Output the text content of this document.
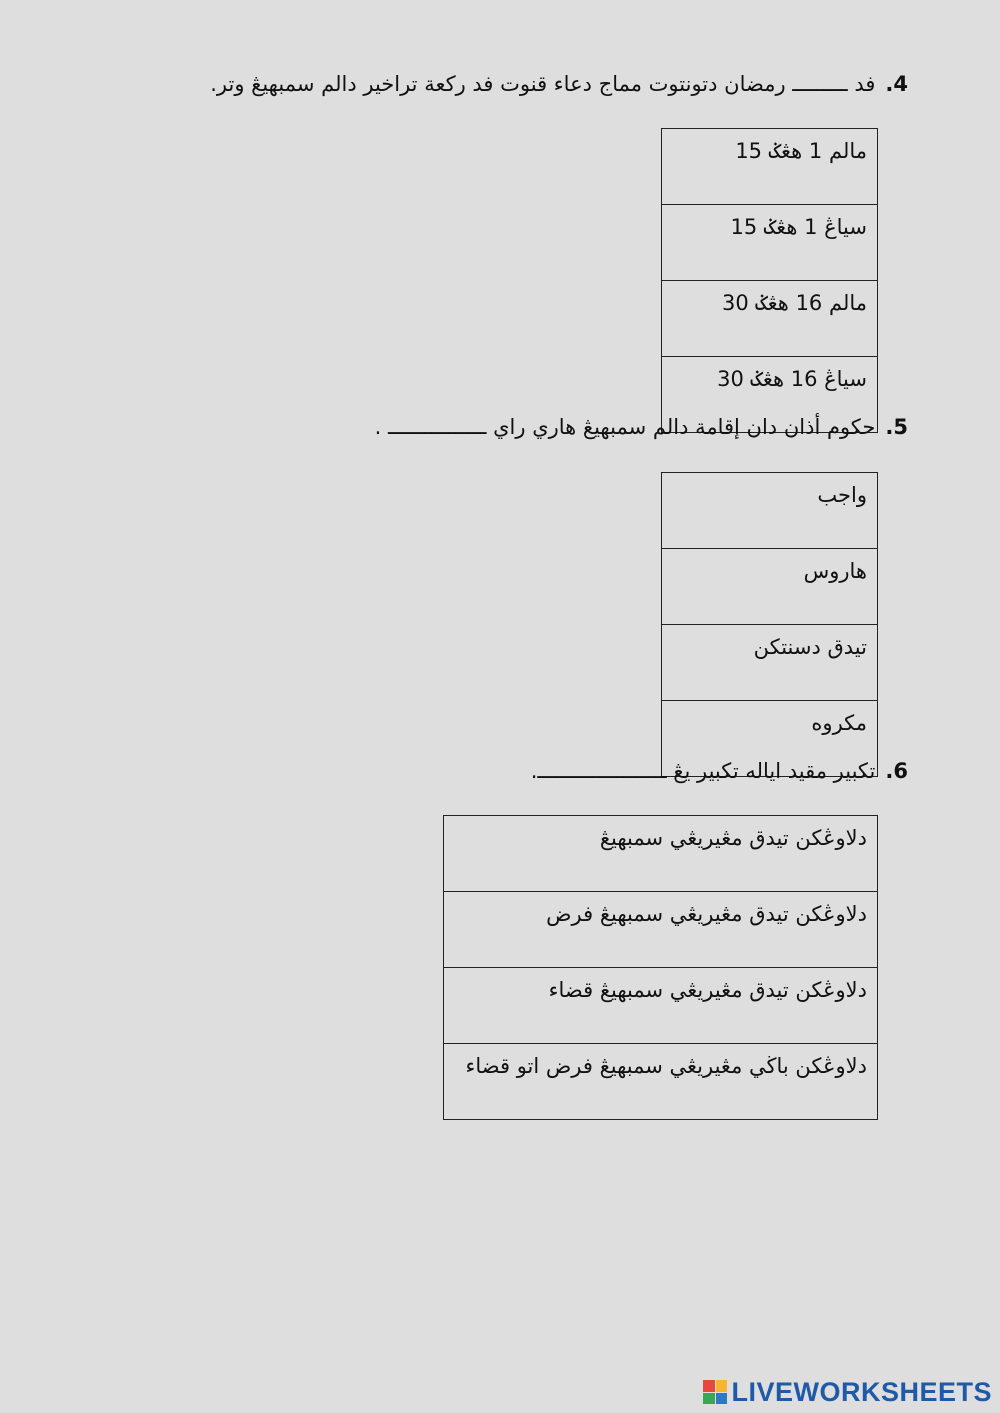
4.فد ـــــــــ رمضان دتونتوت مماج دعاء قنوت فد ركعة تراخير دالم سمبهيڠ وتر.
مالم 1 هڠݢ 15
سياڠ 1 هڠݢ 15
مالم 16 هڠݢ 30
سياڠ 16 هڠݢ 30
5.حكوم أذان دان إقامة دالم سمبهيڠ هاري راي ــــــــــــــــ .
واجب
هاروس
تيدق دسنتکن
مكروه
6.تكبير مقيد اياله تكبير يڠ ـــــــــــــــــــــ.
دلاوڠكن تيدق مڠيريڠي سمبهيڠ
دلاوڠكن تيدق مڠيريڠي سمبهيڠ فرض
دلاوڠكن تيدق مڠيريڠي سمبهيڠ قضاء
دلاوڠكن باڬي مڠيريڠي سمبهيڠ فرض اتو قضاء
LIVEWORKSHEETS
